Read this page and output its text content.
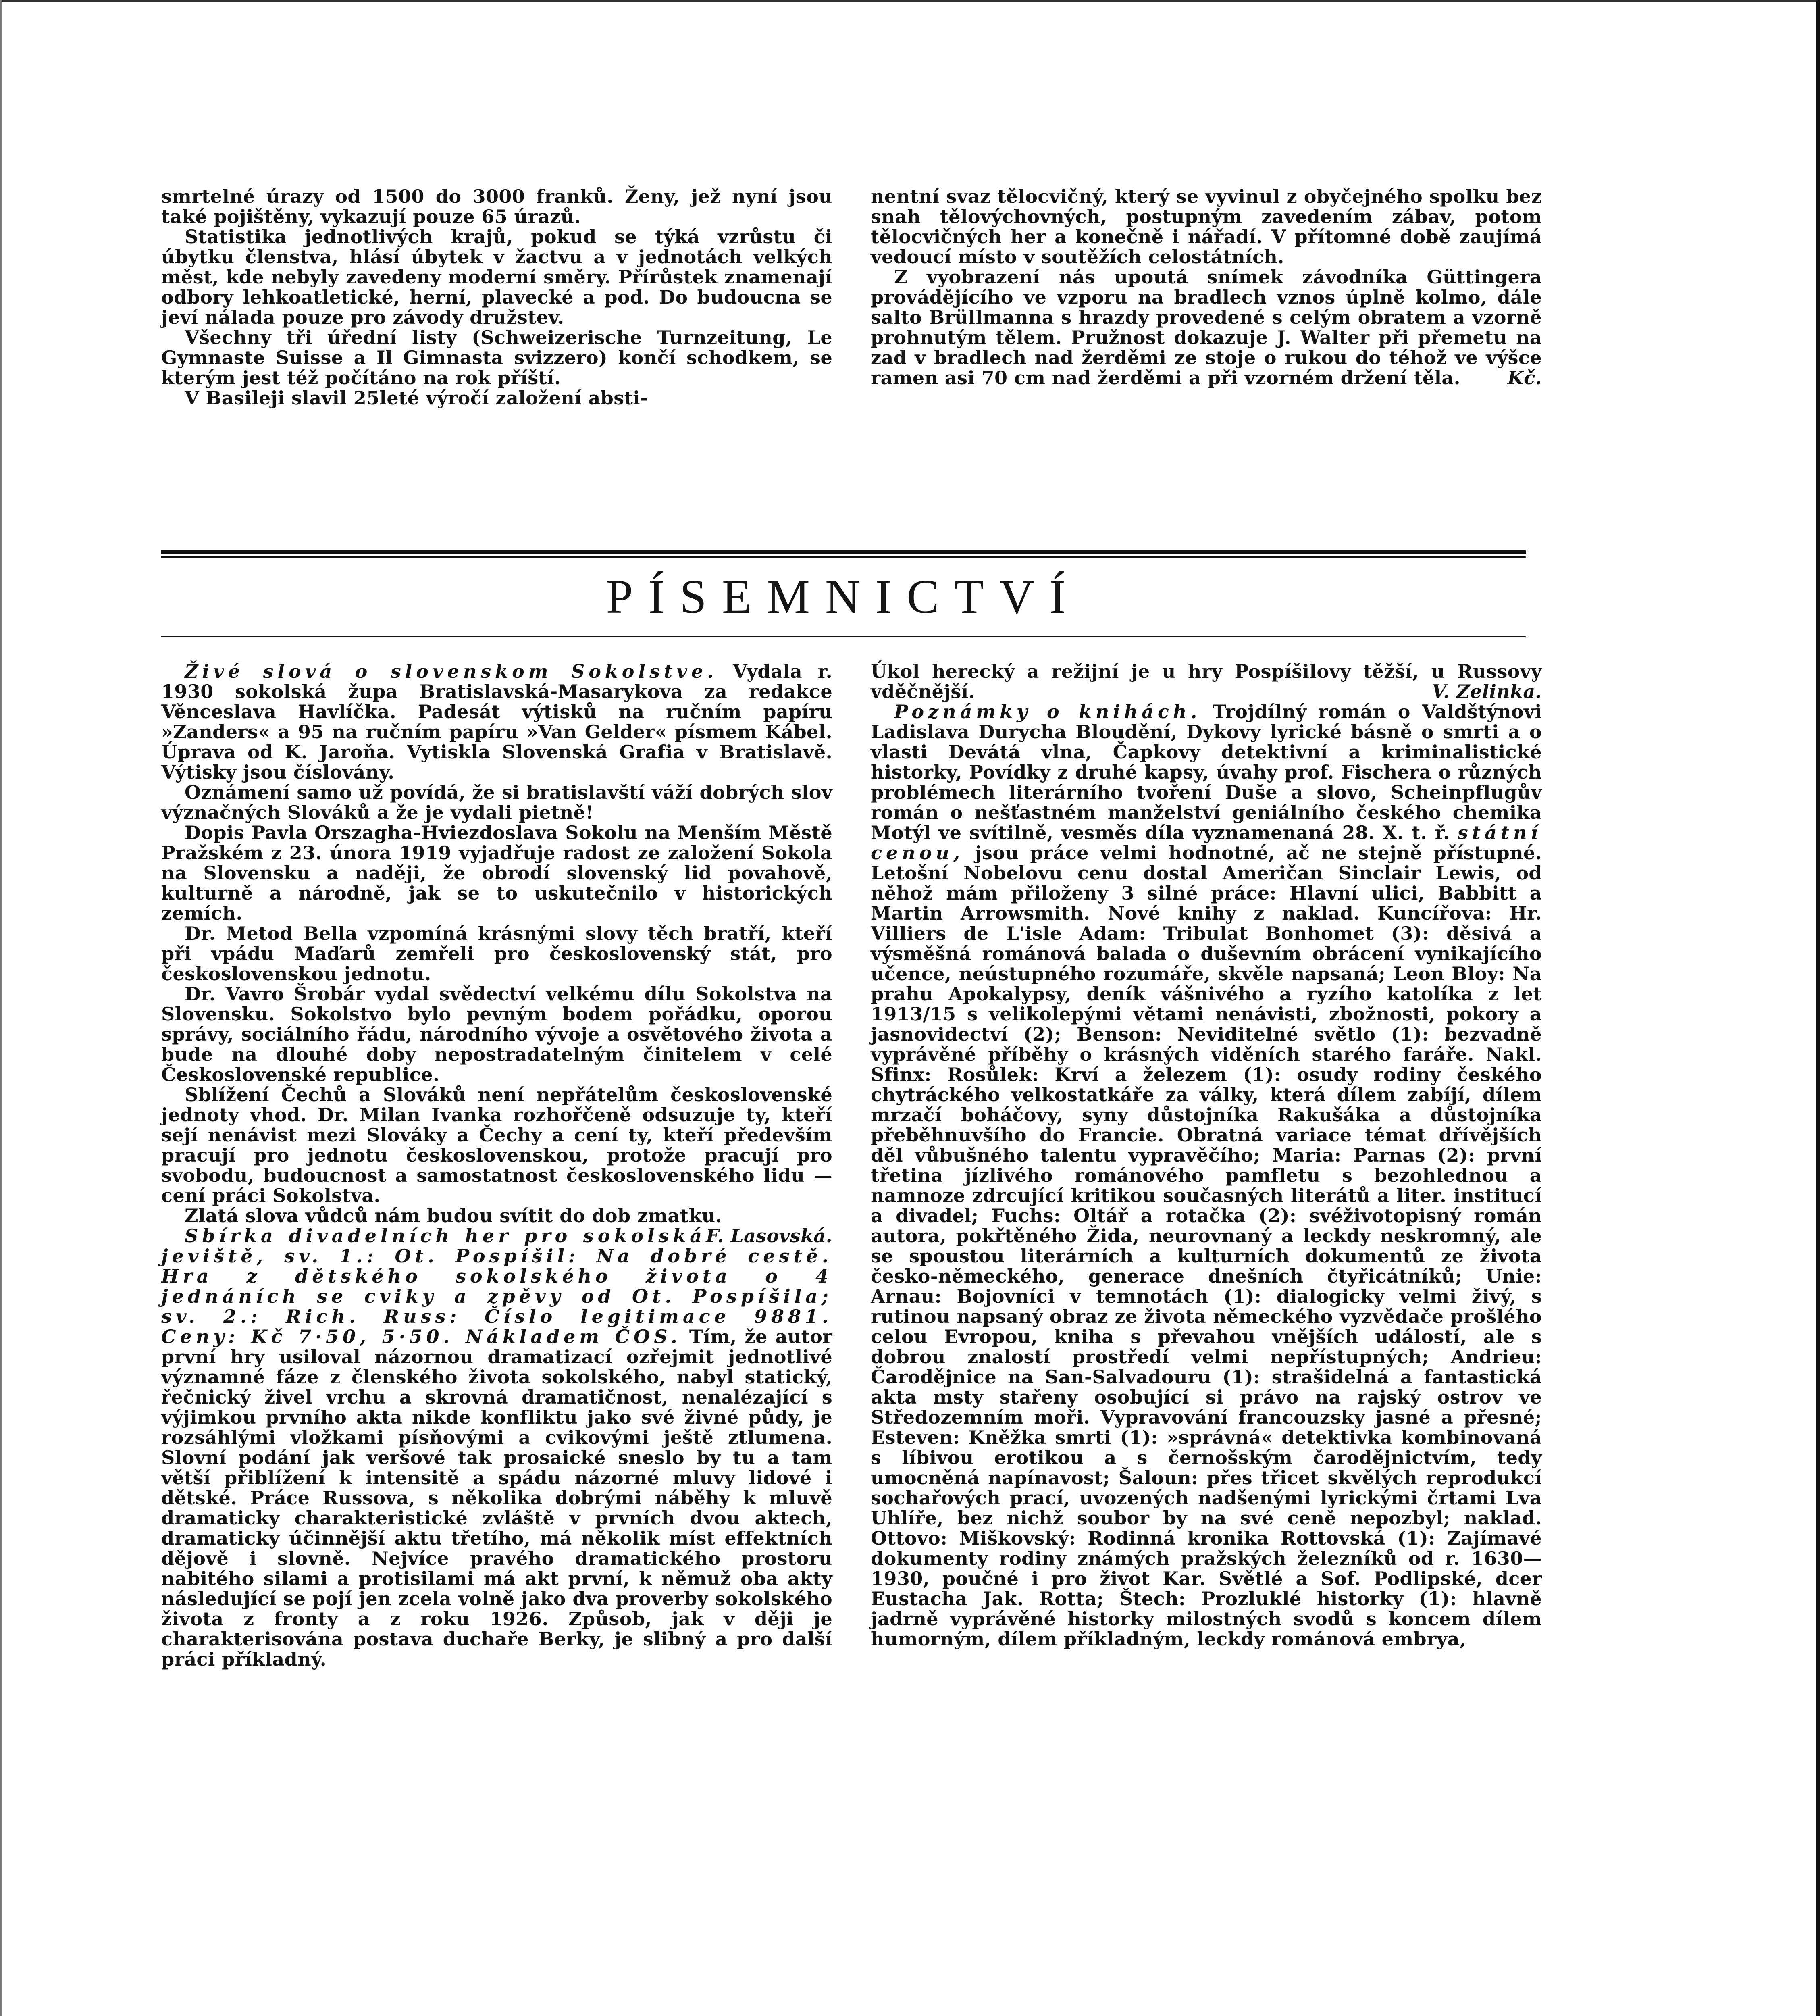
smrtelné úrazy od 1500 do 3000 franků. Ženy, jež nyní jsou také pojištěny, vykazují pouze 65 úrazů.

Statistika jednotlivých krajů, pokud se týká vzrůstu či úbytku členstva, hlásí úbytek v žactvu a v jednotách velkých měst, kde nebyly zavedeny moderní směry. Přírůstek znamenají odbory lehkoatletické, herní, plavecké a pod. Do budoucna se jeví nálada pouze pro závody družstev.

Všechny tři úřední listy (Schweizerische Turnzeitung, Le Gymnaste Suisse a Il Gimnasta svizzero) končí schodkem, se kterým jest též počítáno na rok příští.

V Basileji slavil 25leté výročí založení absti-

nentní svaz tělocvičný, který se vyvinul z obyčejného spolku bez snah tělovýchovných, postupným zavedením zábav, potom tělocvičných her a konečně i nářadí. V přítomné době zaujímá vedoucí místo v soutěžích celostátních.

Z vyobrazení nás upoutá snímek závodníka Güttingera provádějícího ve vzporu na bradlech vznos úplně kolmo, dále salto Brüllmanna s hrazdy provedené s celým obratem a vzorně prohnutým tělem. Pružnost dokazuje J. Walter při přemetu na zad v bradlech nad žerděmi ze stoje o rukou do téhož ve výšce ramen asi 70 cm nad žerděmi a při vzorném držení těla.	Kč.

PÍSEMNICTVÍ

Živé slová o slovenskom Sokolstve. Vydala r. 1930 sokolská župa Bratislavská-Masarykova za redakce Věnceslava Havlíčka. Padesát výtisků na ručním papíru »Zanders« a 95 na ručním papíru »Van Gelder« písmem Kábel. Úprava od K. Jaroňa. Vytiskla Slovenská Grafia v Bratislavě. Výtisky jsou číslovány.

Oznámení samo už povídá, že si bratislavští váží dobrých slov význačných Slováků a že je vydali pietně!

Dopis Pavla Orszagha-Hviezdoslava Sokolu na Menším Městě Pražském z 23. února 1919 vyjadřuje radost ze založení Sokola na Slovensku a naději, že obrodí slovenský lid povahově, kulturně a národně, jak se to uskutečnilo v historických zemích.

Dr. Metod Bella vzpomíná krásnými slovy těch bratří, kteří při vpádu Maďarů zemřeli pro československý stát, pro československou jednotu.

Dr. Vavro Šrobár vydal svědectví velkému dílu Sokolstva na Slovensku. Sokolstvo bylo pevným bodem pořádku, oporou správy, sociálního řádu, národního vývoje a osvětového života a bude na dlouhé doby nepostradatelným činitelem v celé Československé republice.

Sblížení Čechů a Slováků není nepřátelům československé jednoty vhod. Dr. Milan Ivanka rozhořčeně odsuzuje ty, kteří sejí nenávist mezi Slováky a Čechy a cení ty, kteří především pracují pro jednotu československou, protože pracují pro svobodu, budoucnost a samostatnost československého lidu — cení práci Sokolstva.

Zlatá slova vůdců nám budou svítit do dob zmatku.
F. Lasovská.

Sbírka divadelních her pro sokolská jeviště, sv. 1.: Ot. Pospíšil: Na dobré cestě. Hra z dětského sokolského života o 4 jednáních se cviky a zpěvy od Ot. Pospíšila; sv. 2.: Rich. Russ: Číslo legitimace 9881. Ceny: Kč 7·50, 5·50. Nákladem ČOS. Tím, že autor první hry usiloval názornou dramatizací ozřejmit jednotlivé významné fáze z členského života sokolského, nabyl statický, řečnický živel vrchu a skrovná dramatičnost, nenalézající s výjimkou prvního akta nikde konfliktu jako své živné půdy, je rozsáhlými vložkami písňovými a cvikovými ještě ztlumena. Slovní podání jak veršové tak prosaické sneslo by tu a tam větší přiblížení k intensitě a spádu názorné mluvy lidové i dětské. Práce Russova, s několika dobrými náběhy k mluvě dramaticky charakteristické zvláště v prvních dvou aktech, dramaticky účinnější aktu třetího, má několik míst effektních dějově i slovně. Nejvíce pravého dramatického prostoru nabitého silami a protisilami má akt první, k němuž oba akty následující se pojí jen zcela volně jako dva proverby sokolského života z fronty a z roku 1926. Způsob, jak v ději je charakterisována postava duchaře Berky, je slibný a pro další práci příkladný.

Úkol herecký a režijní je u hry Pospíšilovy těžší, u Russovy vděčnější.	V. Zelinka.

Poznámky o knihách. Trojdílný román o Valdštýnovi Ladislava Durycha Bloudění, Dykovy lyrické básně o smrti a o vlasti Devátá vlna, Čapkovy detektivní a kriminalistické historky, Povídky z druhé kapsy, úvahy prof. Fischera o různých problémech literárního tvoření Duše a slovo, Scheinpflugův román o nešťastném manželství geniálního českého chemika Motýl ve svítilně, vesměs díla vyznamenaná 28. X. t. ř. státní cenou, jsou práce velmi hodnotné, ač ne stejně přístupné. Letošní Nobelovu cenu dostal Američan Sinclair Lewis, od něhož mám přiloženy 3 silné práce: Hlavní ulici, Babbitt a Martin Arrowsmith. Nové knihy z naklad. Kuncířova: Hr. Villiers de L'isle Adam: Tribulat Bonhomet (3): děsivá a výsměšná románová balada o duševním obrácení vynikajícího učence, neústupného rozumáře, skvěle napsaná; Leon Bloy: Na prahu Apokalypsy, deník vášnivého a ryzího katolíka z let 1913/15 s velikolepými větami nenávisti, zbožnosti, pokory a jasnovidectví (2); Benson: Neviditelné světlo (1): bezvadně vyprávěné příběhy o krásných viděních starého faráře. Nakl. Sfinx: Rosůlek: Krví a železem (1): osudy rodiny českého chytráckého velkostatkáře za války, která dílem zabíjí, dílem mrzačí boháčovy, syny důstojníka Rakušáka a důstojníka přeběhnuvšího do Francie. Obratná variace témat dřívějších děl vůbušného talentu vypravěčího; Maria: Parnas (2): první třetina jízlivého románového pamfletu s bezohlednou a namnoze zdrcující kritikou současných literátů a liter. institucí a divadel; Fuchs: Oltář a rotačka (2): svéživotopisný román autora, pokřtěného Žida, neurovnaný a leckdy neskromný, ale se spoustou literárních a kulturních dokumentů ze života česko-německého, generace dnešních čtyřicátníků; Unie: Arnau: Bojovníci v temnotách (1): dialogicky velmi živý, s rutinou napsaný obraz ze života německého vyzvědače prošlého celou Evropou, kniha s převahou vnějších událostí, ale s dobrou znalostí prostředí velmi nepřístupných; Andrieu: Čarodějnice na San-Salvadouru (1): strašidelná a fantastická akta msty stařeny osobující si právo na rajský ostrov ve Středozemním moři. Vypravování francouzsky jasné a přesné; Esteven: Kněžka smrti (1): »správná« detektivka kombinovaná s líbivou erotikou a s černošským čarodějnictvím, tedy umocněná napínavost; Šaloun: přes třicet skvělých reprodukcí sochařových prací, uvozených nadšenými lyrickými črtami Lva Uhlíře, bez nichž soubor by na své ceně nepozbyl; naklad. Ottovo: Miškovský: Rodinná kronika Rottovská (1): Zajímavé dokumenty rodiny známých pražských železníků od r. 1630—1930, poučné i pro život Kar. Světlé a Sof. Podlipské, dcer Eustacha Jak. Rotta; Štech: Prozluklé historky (1): hlavně jadrně vyprávěné historky milostných svodů s koncem dílem humorným, dílem příkladným, leckdy románová embrya,
